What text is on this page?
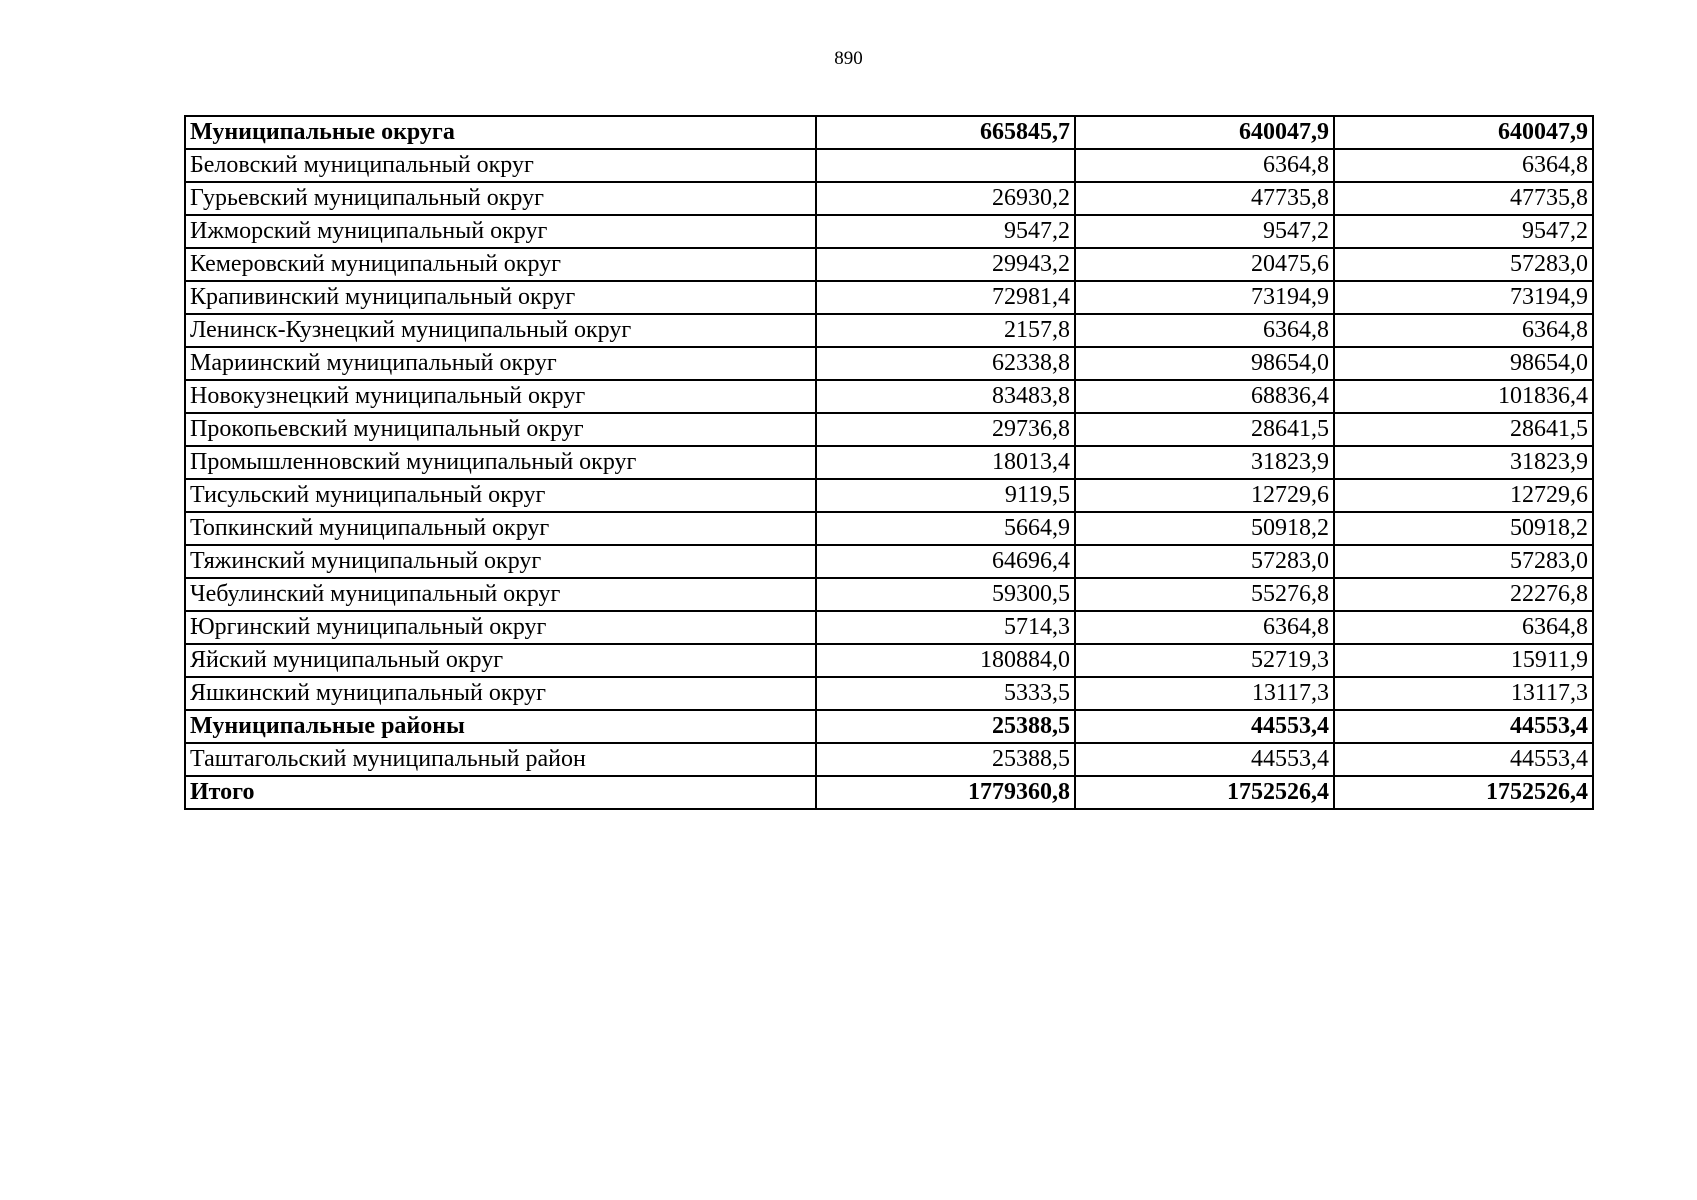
890
Муниципальные округа	665845,7	640047,9	640047,9
Беловский муниципальный округ		6364,8	6364,8
Гурьевский муниципальный округ	26930,2	47735,8	47735,8
Ижморский муниципальный округ	9547,2	9547,2	9547,2
Кемеровский муниципальный округ	29943,2	20475,6	57283,0
Крапивинский муниципальный округ	72981,4	73194,9	73194,9
Ленинск-Кузнецкий муниципальный округ	2157,8	6364,8	6364,8
Мариинский муниципальный округ	62338,8	98654,0	98654,0
Новокузнецкий муниципальный округ	83483,8	68836,4	101836,4
Прокопьевский муниципальный округ	29736,8	28641,5	28641,5
Промышленновский муниципальный округ	18013,4	31823,9	31823,9
Тисульский муниципальный округ	9119,5	12729,6	12729,6
Топкинский муниципальный округ	5664,9	50918,2	50918,2
Тяжинский муниципальный округ	64696,4	57283,0	57283,0
Чебулинский муниципальный округ	59300,5	55276,8	22276,8
Юргинский муниципальный округ	5714,3	6364,8	6364,8
Яйский муниципальный округ	180884,0	52719,3	15911,9
Яшкинский муниципальный округ	5333,5	13117,3	13117,3
Муниципальные районы	25388,5	44553,4	44553,4
Таштагольский муниципальный район	25388,5	44553,4	44553,4
Итого	1779360,8	1752526,4	1752526,4
